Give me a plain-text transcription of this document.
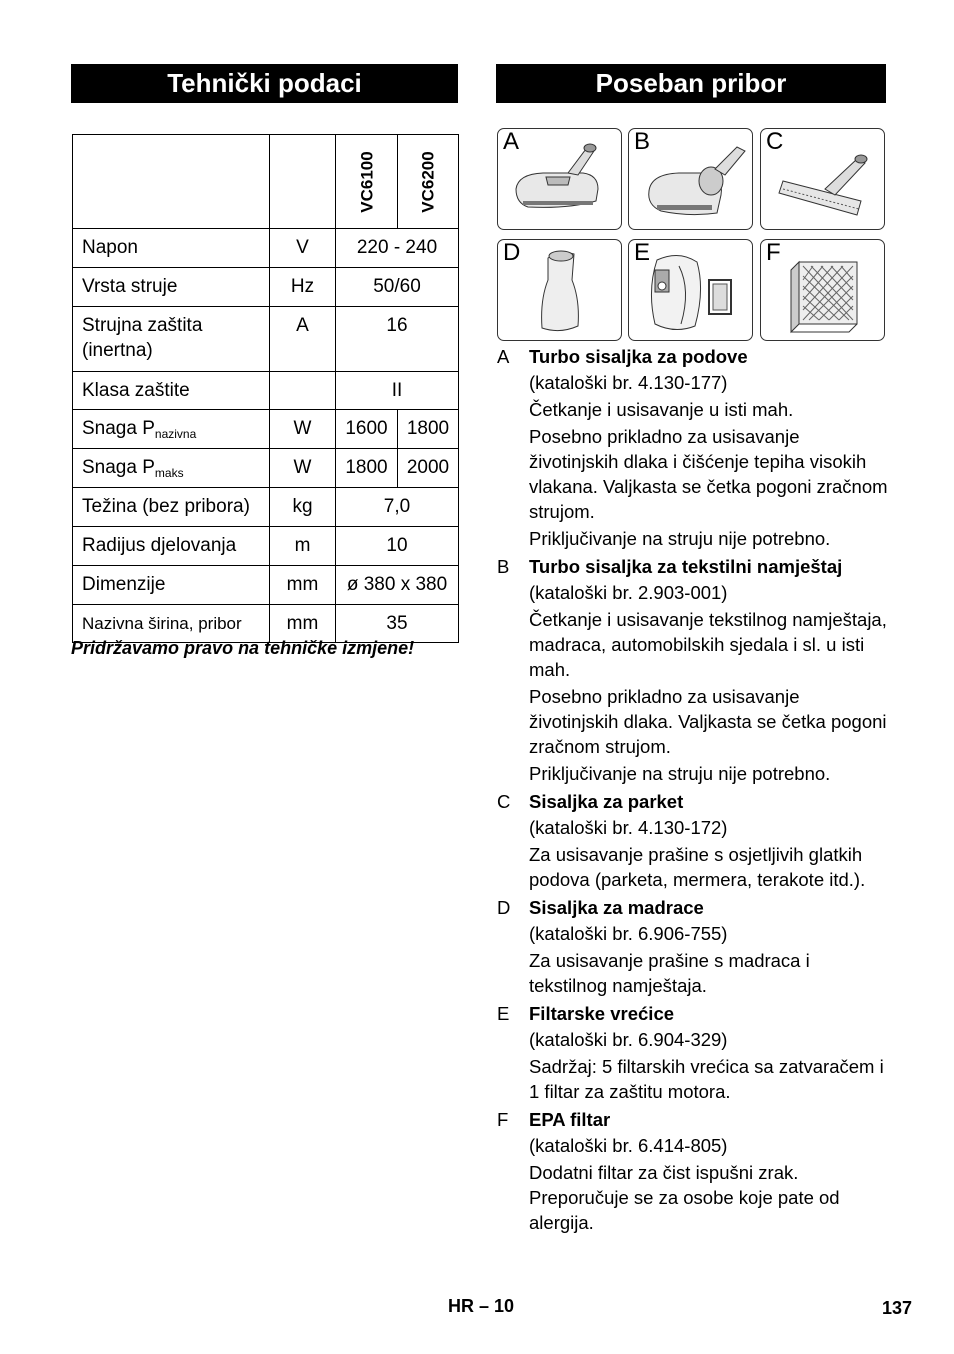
Tehnički podaci	Poseban pribor

		VC6100	VC6200

Napon	V	220 - 240	
Vrsta struje	Hz	50/60	
Strujna zaštita (inertna)	A	16	
Klasa zaštite		II	
Snaga $P_{nazivna}$	W	1600	1800
Snaga $P_{maks}$	W	1800	2000
Težina (bez pribora)	kg	7,0	
Radijus djelovanja	m	10	
Dimenzije	mm	ø 380 x 380	
Nazivna širina, pribor	mm	35	
Pridržavamo pravo na tehničke izmjene!
A	B	C
D	E	F
A Turbo sisaljka za podove

(kataloški br. 4.130-177)

Četkanje i usisavanje u isti mah.

Posebno prikladno za usisavanje životinjskih dlaka i čišćenje tepiha visokih vlakana. Valjkasta se četka pogoni zračnom strujom.

Priključivanje na struju nije potrebno.

B Turbo sisaljka za tekstilni namještaj

(kataloški br. 2.903-001)

Četkanje i usisavanje tekstilnog namještaja, madraca, automobilskih sjedala i sl. u isti mah.

Posebno prikladno za usisavanje životinjskih dlaka. Valjkasta se četka pogoni zračnom strujom.

Priključivanje na struju nije potrebno.

C Sisaljka za parket

(kataloški br. 4.130-172)

Za usisavanje prašine s osjetljivih glatkih podova (parketa, mermera, terakote itd.).

D Sisaljka za madrace

(kataloški br. 6.906-755)

Za usisavanje prašine s madraca i tekstilnog namještaja.

E Filtarske vrećice

(kataloški br. 6.904-329)

Sadržaj: 5 filtarskih vrećica sa zatvaračem i 1 filtar za zaštitu motora.

F EPA filtar

(kataloški br. 6.414-805)

Dodatni filtar za čist ispušni zrak. Preporučuje se za osobe koje pate od alergija.

HR – 10	137
